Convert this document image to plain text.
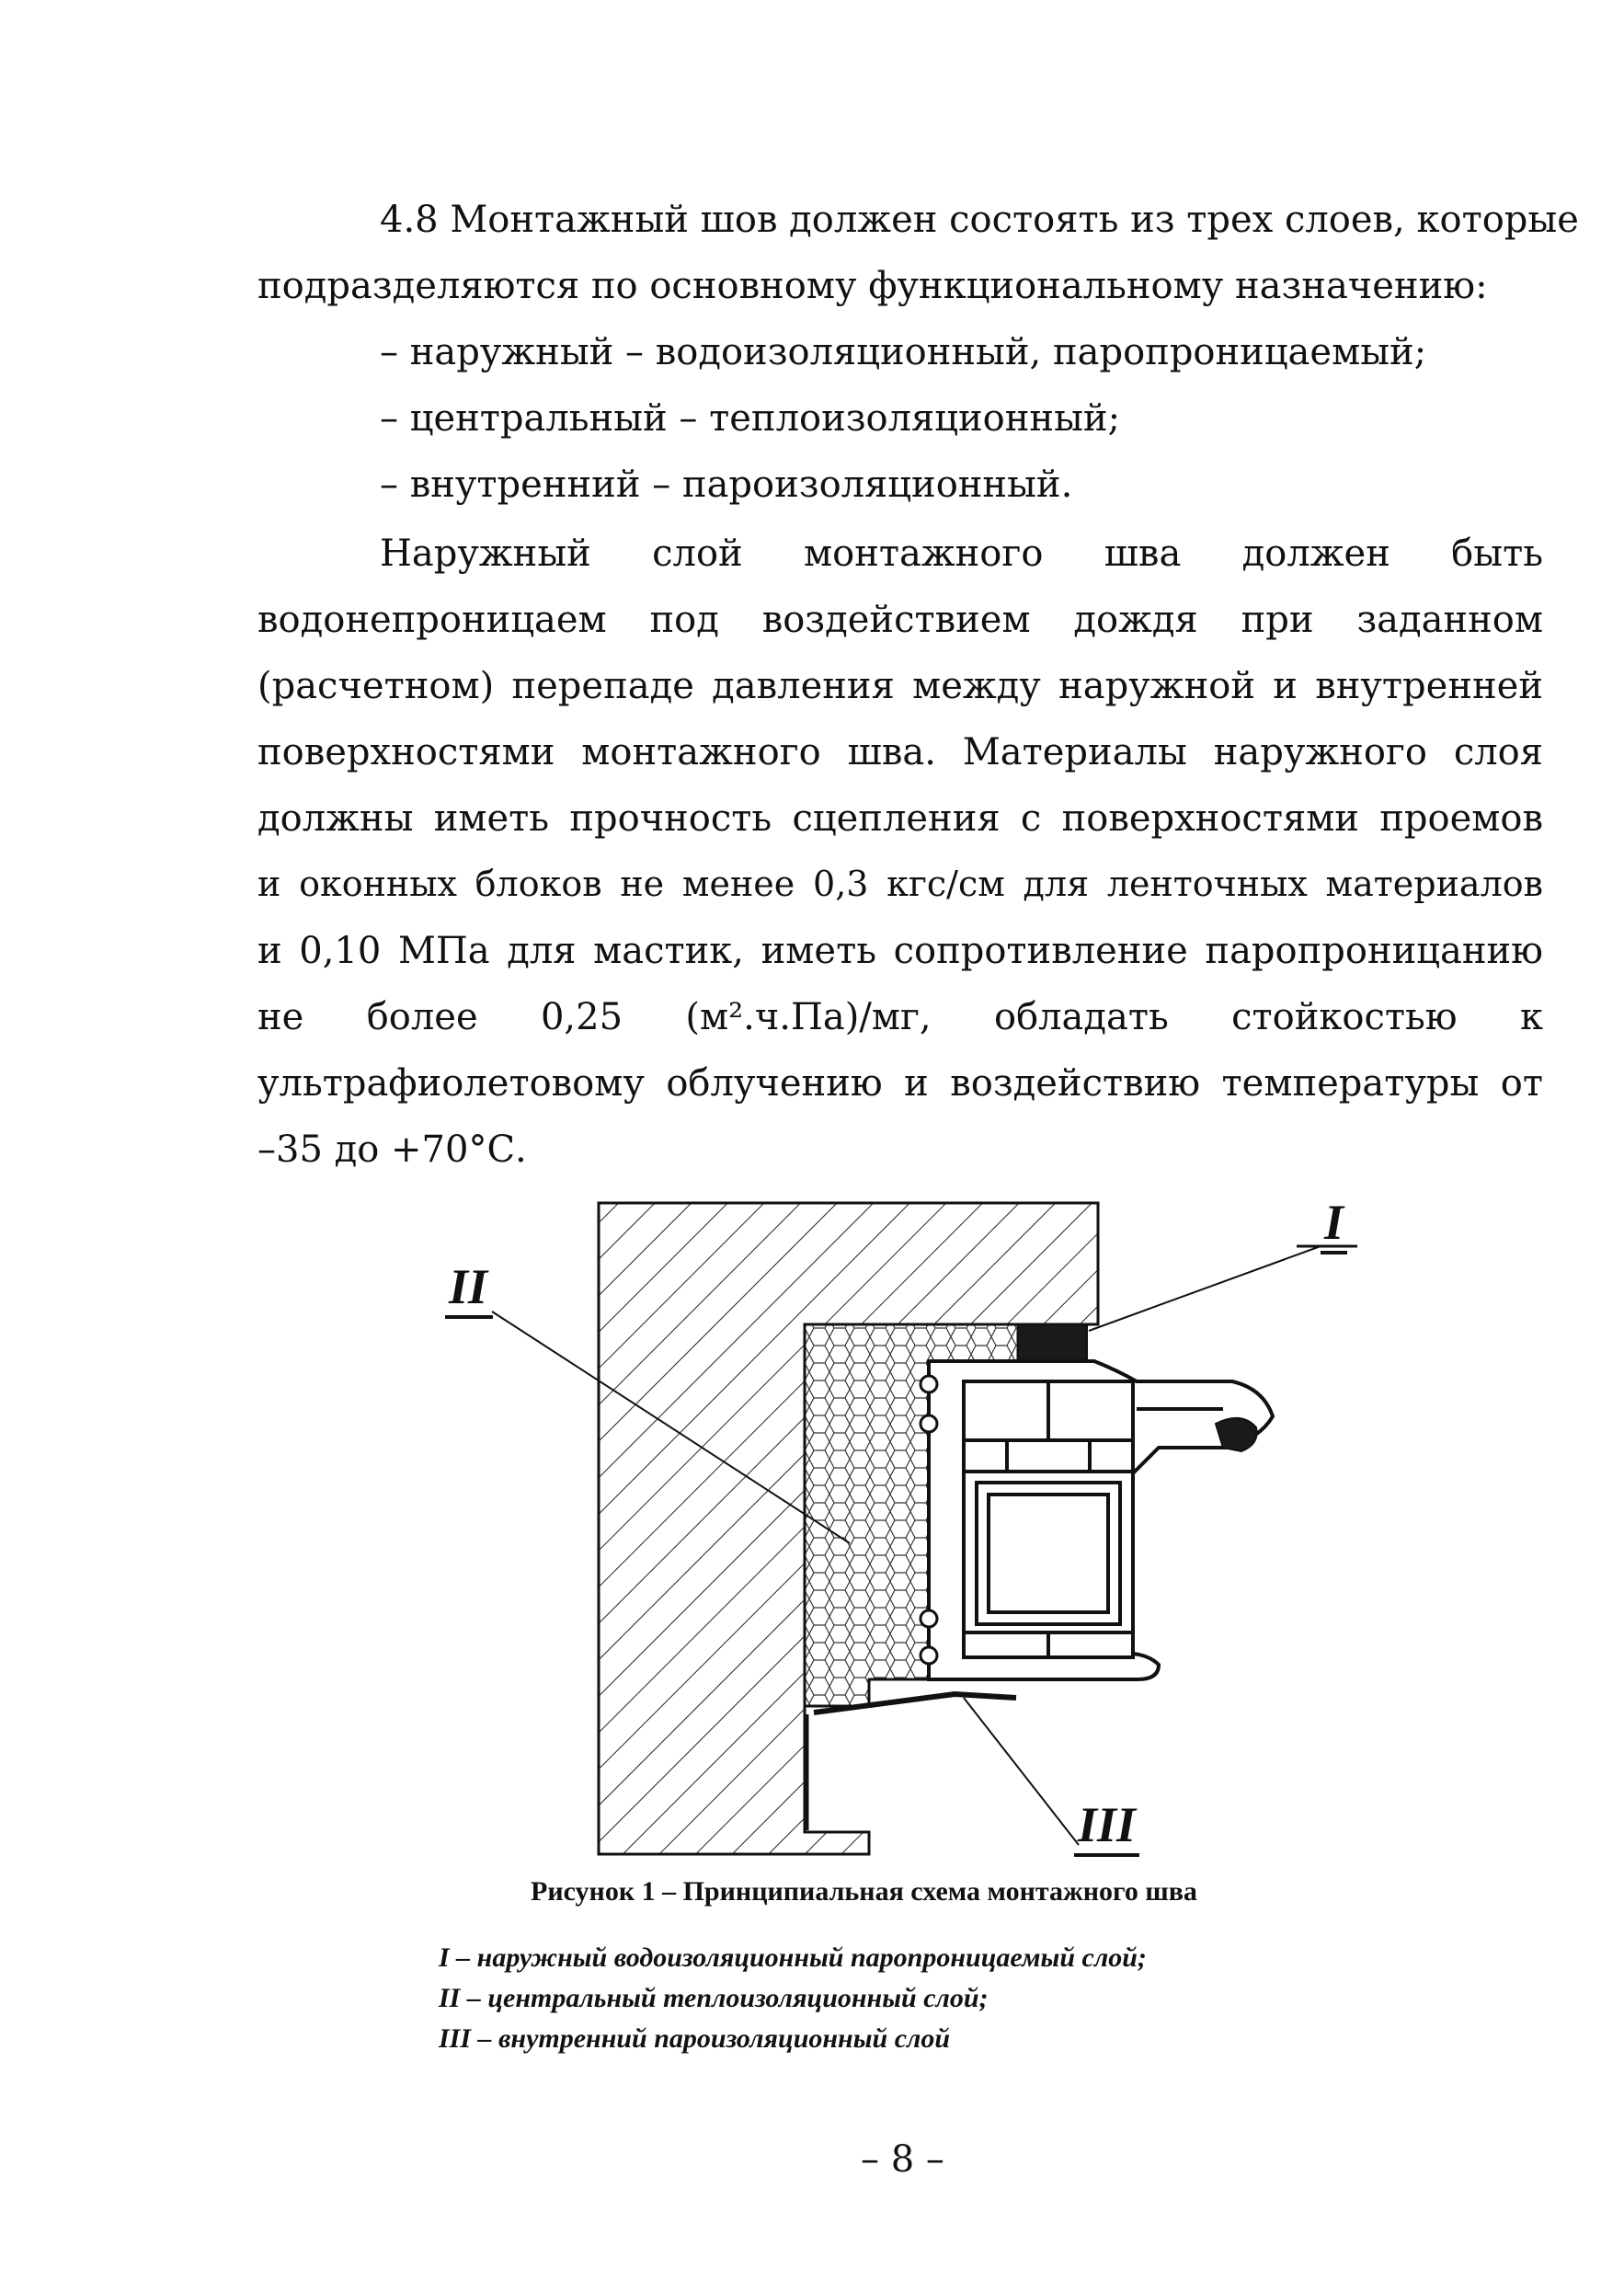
4.8 Монтажный шов должен состоять из трех слоев, которые
подразделяются по основному функциональному назначению:
– наружный – водоизоляционный, паропроницаемый;
– центральный – теплоизоляционный;
– внутренний – пароизоляционный.
Наружный слой монтажного шва должен быть
водонепроницаем под воздействием дождя при заданном
(расчетном) перепаде давления между наружной и внутренней
поверхностями монтажного шва. Материалы наружного слоя
должны иметь прочность сцепления с поверхностями проемов
и оконных блоков не менее 0,3 кгс/см для ленточных материалов
и 0,10 МПа для мастик, иметь сопротивление паропроницанию
не более 0,25 (м².ч.Па)/мг, обладать стойкостью к
ультрафиолетовому облучению и воздействию температуры от
–35 до +70°С.
I
II
III
Рисунок 1 – Принципиальная схема монтажного шва
I – наружный водоизоляционный паропроницаемый слой;
II – центральный теплоизоляционный слой;
III – внутренний пароизоляционный слой
– 8 –
